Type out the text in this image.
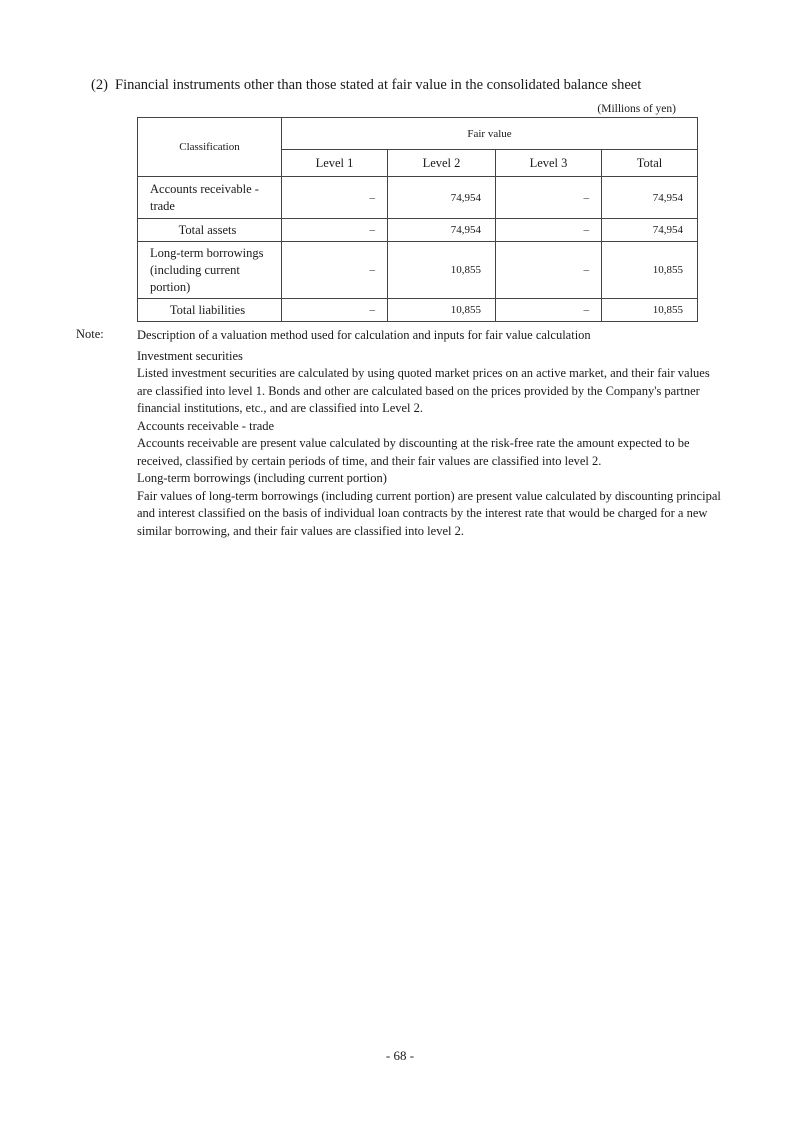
(2) Financial instruments other than those stated at fair value in the consolidated balance sheet
(Millions of yen)
Classification	Fair value			
	Level 1	Level 2	Level 3	Total
Accounts receivable - trade	–	74,954	–	74,954
Total assets	–	74,954	–	74,954
Long-term borrowings (including current portion)	–	10,855	–	10,855
Total liabilities	–	10,855	–	10,855
Note:	Description of a valuation method used for calculation and inputs for fair value calculation

Investment securities

Listed investment securities are calculated by using quoted market prices on an active market, and their fair values are classified into level 1. Bonds and other are calculated based on the prices provided by the Company's partner financial institutions, etc., and are classified into Level 2.

Accounts receivable - trade

Accounts receivable are present value calculated by discounting at the risk-free rate the amount expected to be received, classified by certain periods of time, and their fair values are classified into level 2.

Long-term borrowings (including current portion)

Fair values of long-term borrowings (including current portion) are present value calculated by discounting principal and interest classified on the basis of individual loan contracts by the interest rate that would be charged for a new similar borrowing, and their fair values are classified into level 2.

- 68 -
